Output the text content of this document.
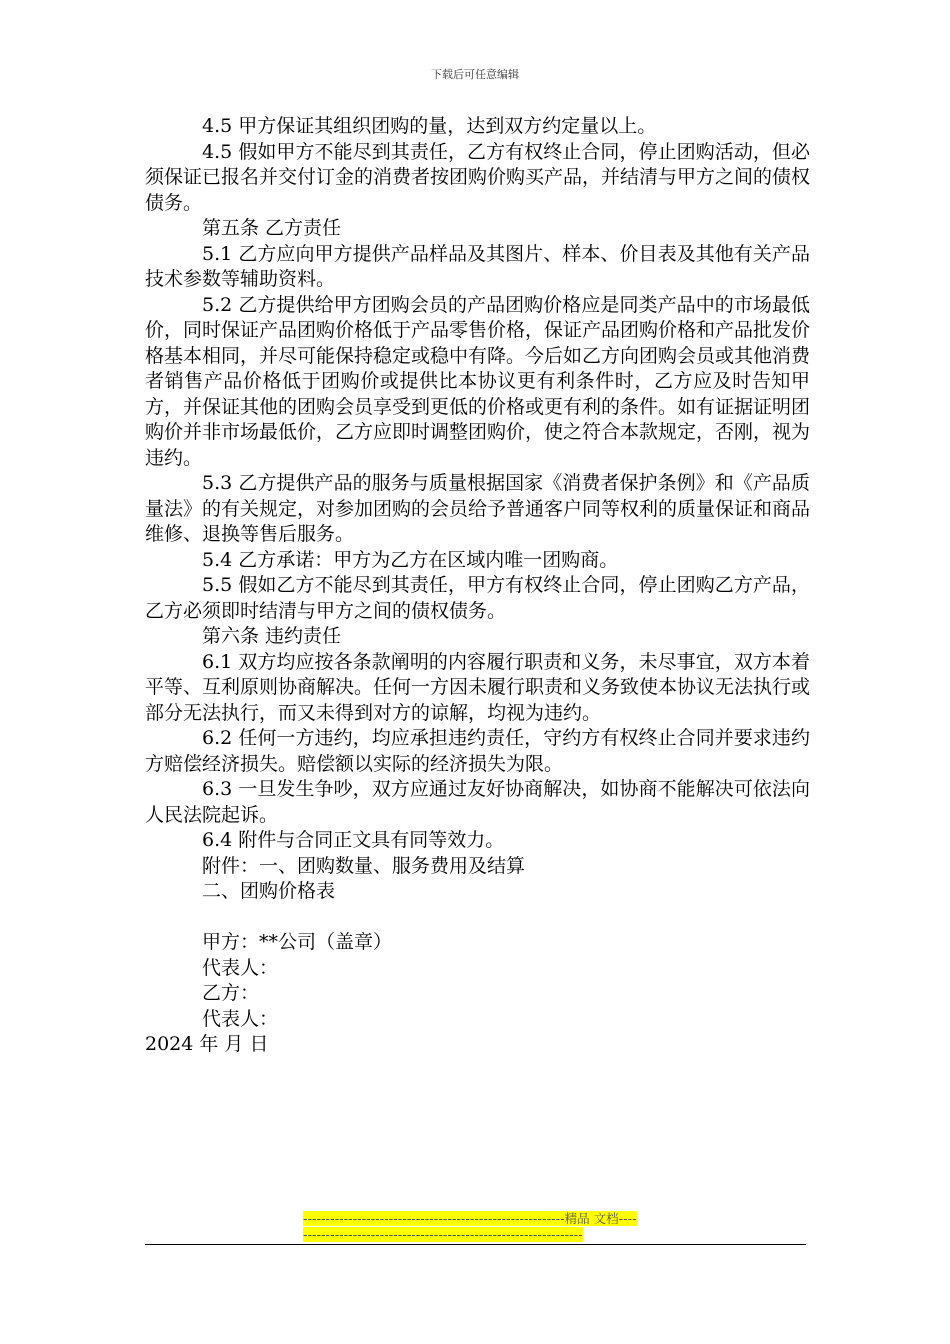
下载后可任意编辑

4.5 甲方保证其组织团购的量，达到双方约定量以上。

4.5 假如甲方不能尽到其责任，乙方有权终止合同，停止团购活动，但必须保证已报名并交付订金的消费者按团购价购买产品，并结清与甲方之间的债权债务。

第五条 乙方责任

5.1 乙方应向甲方提供产品样品及其图片、样本、价目表及其他有关产品技术参数等辅助资料。

5.2 乙方提供给甲方团购会员的产品团购价格应是同类产品中的市场最低价，同时保证产品团购价格低于产品零售价格，保证产品团购价格和产品批发价格基本相同，并尽可能保持稳定或稳中有降。今后如乙方向团购会员或其他消费者销售产品价格低于团购价或提供比本协议更有利条件时，乙方应及时告知甲方，并保证其他的团购会员享受到更低的价格或更有利的条件。如有证据证明团购价并非市场最低价，乙方应即时调整团购价，使之符合本款规定，否刚，视为违约。

5.3 乙方提供产品的服务与质量根据国家《消费者保护条例》和《产品质量法》的有关规定，对参加团购的会员给予普通客户同等权利的质量保证和商品维修、退换等售后服务。

5.4 乙方承诺：甲方为乙方在区域内唯一团购商。

5.5 假如乙方不能尽到其责任，甲方有权终止合同，停止团购乙方产品，乙方必须即时结清与甲方之间的债权债务。

第六条 违约责任

6.1 双方均应按各条款阐明的内容履行职责和义务，未尽事宜，双方本着平等、互利原则协商解决。任何一方因未履行职责和义务致使本协议无法执行或部分无法执行，而又未得到对方的谅解，均视为违约。

6.2 任何一方违约，均应承担违约责任，守约方有权终止合同并要求违约方赔偿经济损失。赔偿额以实际的经济损失为限。

6.3 一旦发生争吵，双方应通过友好协商解决，如协商不能解决可依法向人民法院起诉。

6.4 附件与合同正文具有同等效力。

附件：一、团购数量、服务费用及结算

二、团购价格表

甲方：**公司（盖章）

代表人：

乙方：

代表人：

2024 年 月 日

----------------------------------------------------------精品 文档------------------------------------------------------------------
